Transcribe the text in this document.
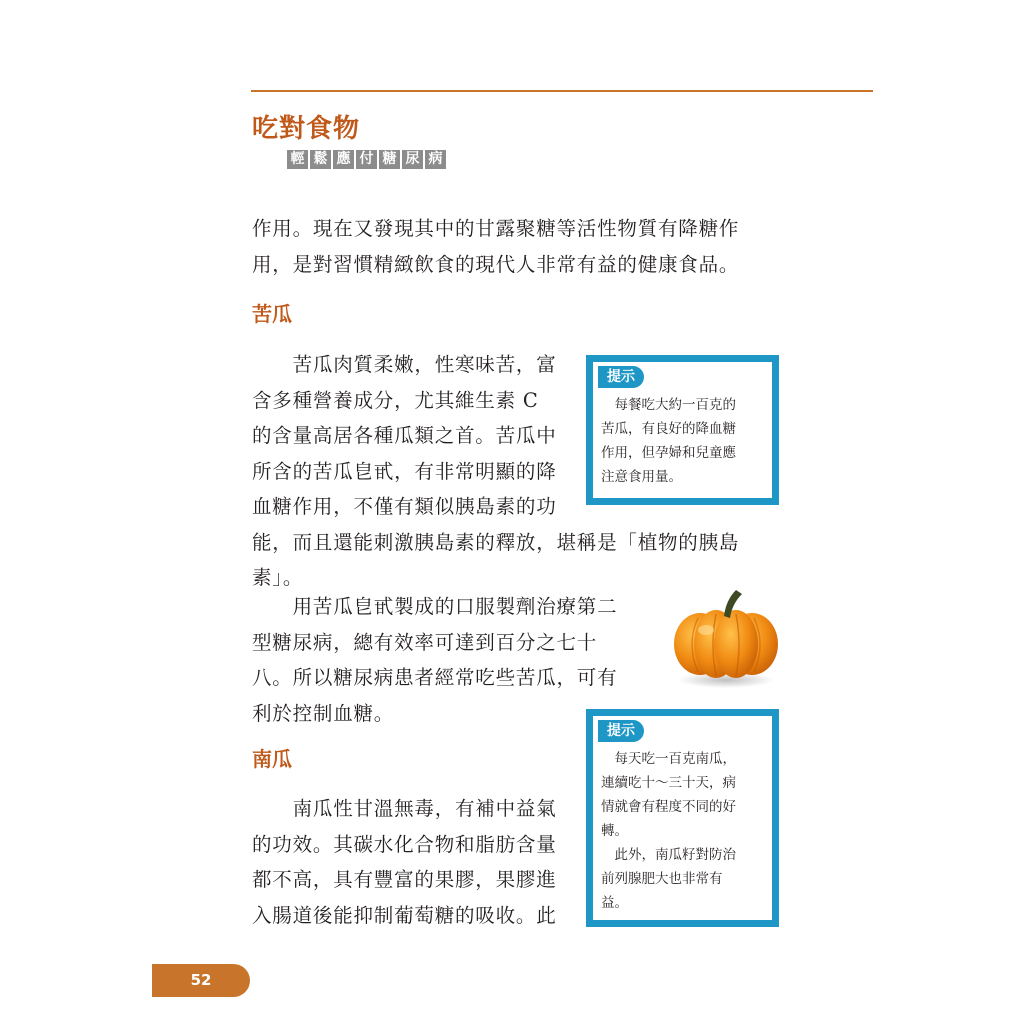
吃對食物
輕 鬆 應 付 糖 尿 病
作用。現在又發現其中的甘露聚糖等活性物質有降糖作
用，是對習慣精緻飲食的現代人非常有益的健康食品。
苦瓜
　　苦瓜肉質柔嫩，性寒味苦，富
含多種營養成分，尤其維生素 C
的含量高居各種瓜類之首。苦瓜中
所含的苦瓜皀甙，有非常明顯的降
血糖作用，不僅有類似胰島素的功
能，而且還能刺激胰島素的釋放，堪稱是「植物的胰島
素」。
　　用苦瓜皀甙製成的口服製劑治療第二
型糖尿病，總有效率可達到百分之七十
八。所以糖尿病患者經常吃些苦瓜，可有
利於控制血糖。
南瓜
　　南瓜性甘溫無毒，有補中益氣
的功效。其碳水化合物和脂肪含量
都不高，具有豐富的果膠，果膠進
入腸道後能抑制葡萄糖的吸收。此
提示
　每餐吃大約一百克的
苦瓜，有良好的降血糖
作用，但孕婦和兒童應
注意食用量。
提示
　每天吃一百克南瓜，
連續吃十～三十天，病
情就會有程度不同的好
轉。
　此外，南瓜籽對防治
前列腺肥大也非常有
益。
52
